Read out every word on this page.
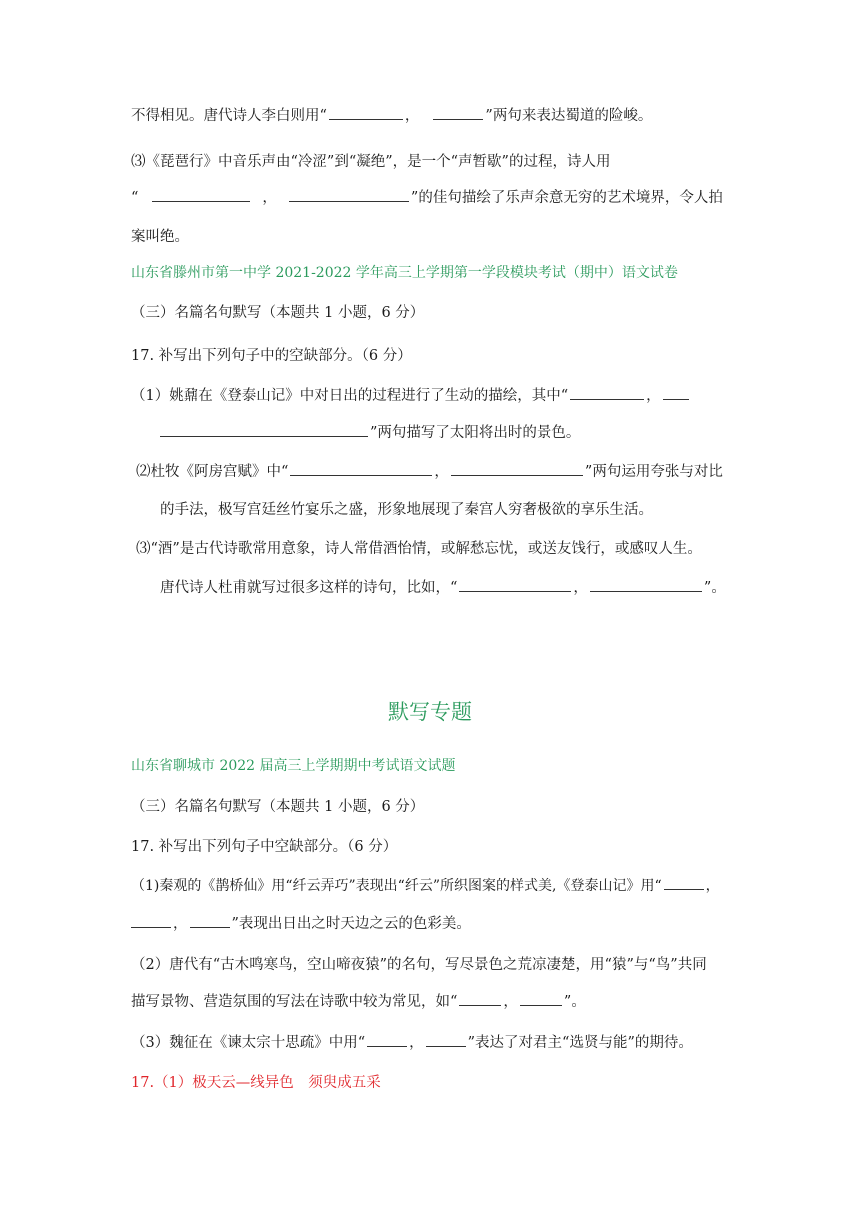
不得相见。唐代诗人李白则用“	，	”两句来表达蜀道的险峻。
⑶《琵琶行》中音乐声由“冷涩”到“凝绝”，是一个“声暂歇”的过程，诗人用
“	，	”的佳句描绘了乐声余意无穷的艺术境界，令人拍
案叫绝。
山东省滕州市第一中学 2021-2022 学年高三上学期第一学段模块考试（期中）语文试卷
（三）名篇名句默写（本题共 1 小题，6 分）
17. 补写出下列句子中的空缺部分。（6 分）
（1）姚鼐在《登泰山记》中对日出的过程进行了生动的描绘，其中“	，
”两句描写了太阳将出时的景色。
⑵杜牧《阿房宫赋》中“	，	”两句运用夸张与对比
的手法，极写宫廷丝竹宴乐之盛，形象地展现了秦宫人穷奢极欲的享乐生活。
⑶“酒”是古代诗歌常用意象，诗人常借酒怡情，或解愁忘忧，或送友饯行，或感叹人生。
唐代诗人杜甫就写过很多这样的诗句，比如，“	，	”。
默写专题
山东省聊城市 2022 届高三上学期期中考试语文试题
（三）名篇名句默写（本题共 1 小题，6 分）
17. 补写出下列句子中空缺部分。（6 分）
（1)秦观的《鹊桥仙》用“纤云弄巧”表现出“纤云”所织图案的样式美,《登泰山记》用“	，
，	”表现出日出之时天边之云的色彩美。
（2）唐代有“古木鸣寒鸟，空山啼夜猿”的名句，写尽景色之荒凉凄楚，用“猿”与“鸟”共同
描写景物、营造氛围的写法在诗歌中较为常见，如“	，	”。
（3）魏征在《谏太宗十思疏》中用“	，	”表达了对君主“选贤与能”的期待。
17.（1）极天云—线异色　须臾成五采
